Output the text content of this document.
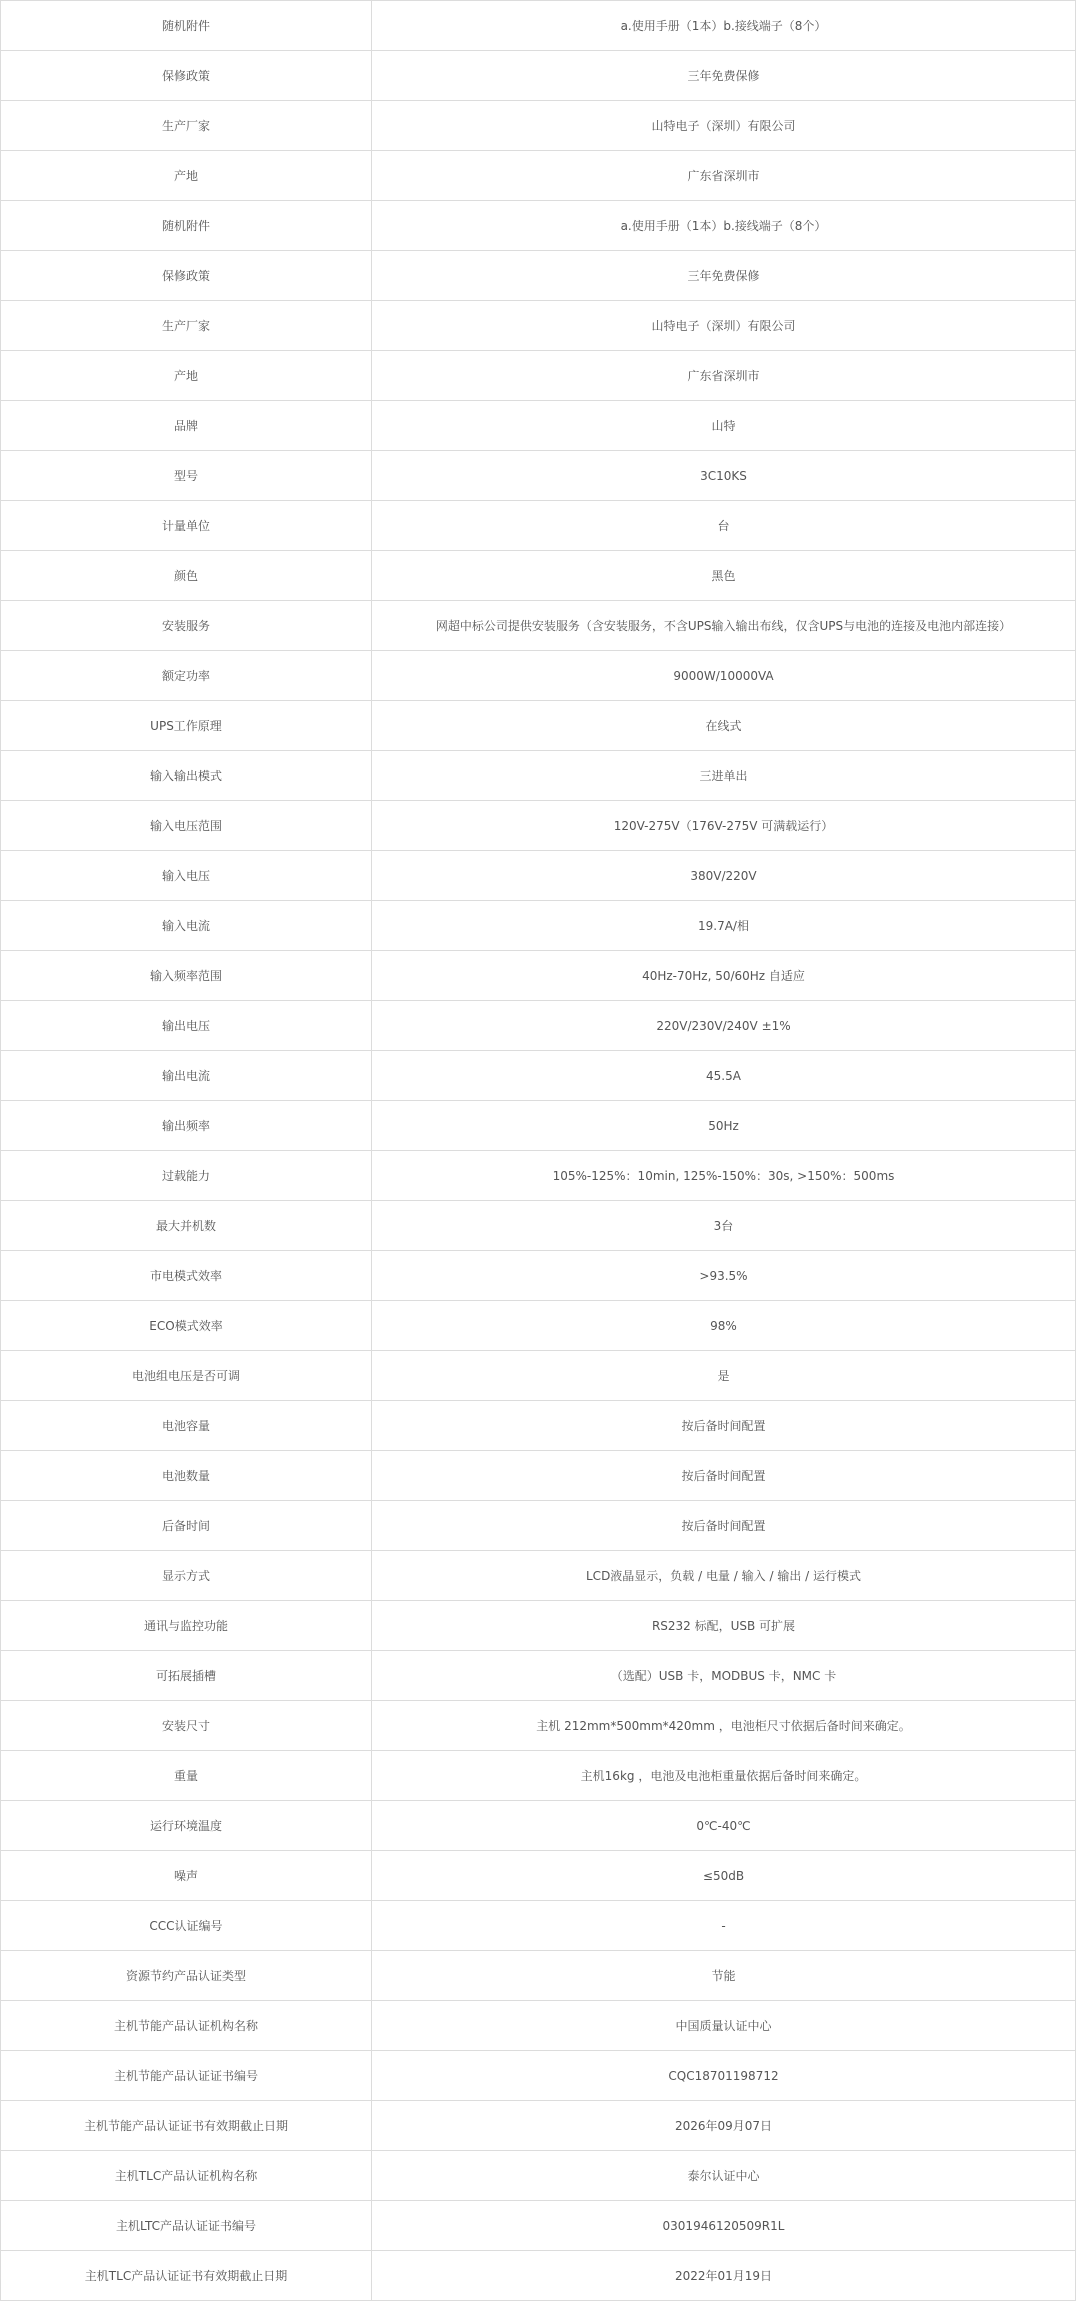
随机附件	a.使用手册（1本）b.接线端子（8个）
保修政策	三年免费保修
生产厂家	山特电子（深圳）有限公司
产地	广东省深圳市
随机附件	a.使用手册（1本）b.接线端子（8个）
保修政策	三年免费保修
生产厂家	山特电子（深圳）有限公司
产地	广东省深圳市
品牌	山特
型号	3C10KS
计量单位	台
颜色	黑色
安装服务	网超中标公司提供安装服务（含安装服务，不含UPS输入输出布线，仅含UPS与电池的连接及电池内部连接）
额定功率	9000W/10000VA
UPS工作原理	在线式
输入输出模式	三进单出
输入电压范围	120V-275V（176V-275V 可满载运行）
输入电压	380V/220V
输入电流	19.7A/相
输入频率范围	40Hz-70Hz, 50/60Hz 自适应
输出电压	220V/230V/240V ±1%
输出电流	45.5A
输出频率	50Hz
过载能力	105%-125%：10min, 125%-150%：30s, >150%：500ms
最大并机数	3台
市电模式效率	>93.5%
ECO模式效率	98%
电池组电压是否可调	是
电池容量	按后备时间配置
电池数量	按后备时间配置
后备时间	按后备时间配置
显示方式	LCD液晶显示，负载 / 电量 / 输入 / 输出 / 运行模式
通讯与监控功能	RS232 标配，USB 可扩展
可拓展插槽	（选配）USB 卡，MODBUS 卡，NMC 卡
安装尺寸	主机 212mm*500mm*420mm ，电池柜尺寸依据后备时间来确定。
重量	主机16kg ，电池及电池柜重量依据后备时间来确定。
运行环境温度	0℃-40℃
噪声	≤50dB
CCC认证编号	-
资源节约产品认证类型	节能
主机节能产品认证机构名称	中国质量认证中心
主机节能产品认证证书编号	CQC18701198712
主机节能产品认证证书有效期截止日期	2026年09月07日
主机TLC产品认证机构名称	泰尔认证中心
主机LTC产品认证证书编号	0301946120509R1L
主机TLC产品认证证书有效期截止日期	2022年01月19日
